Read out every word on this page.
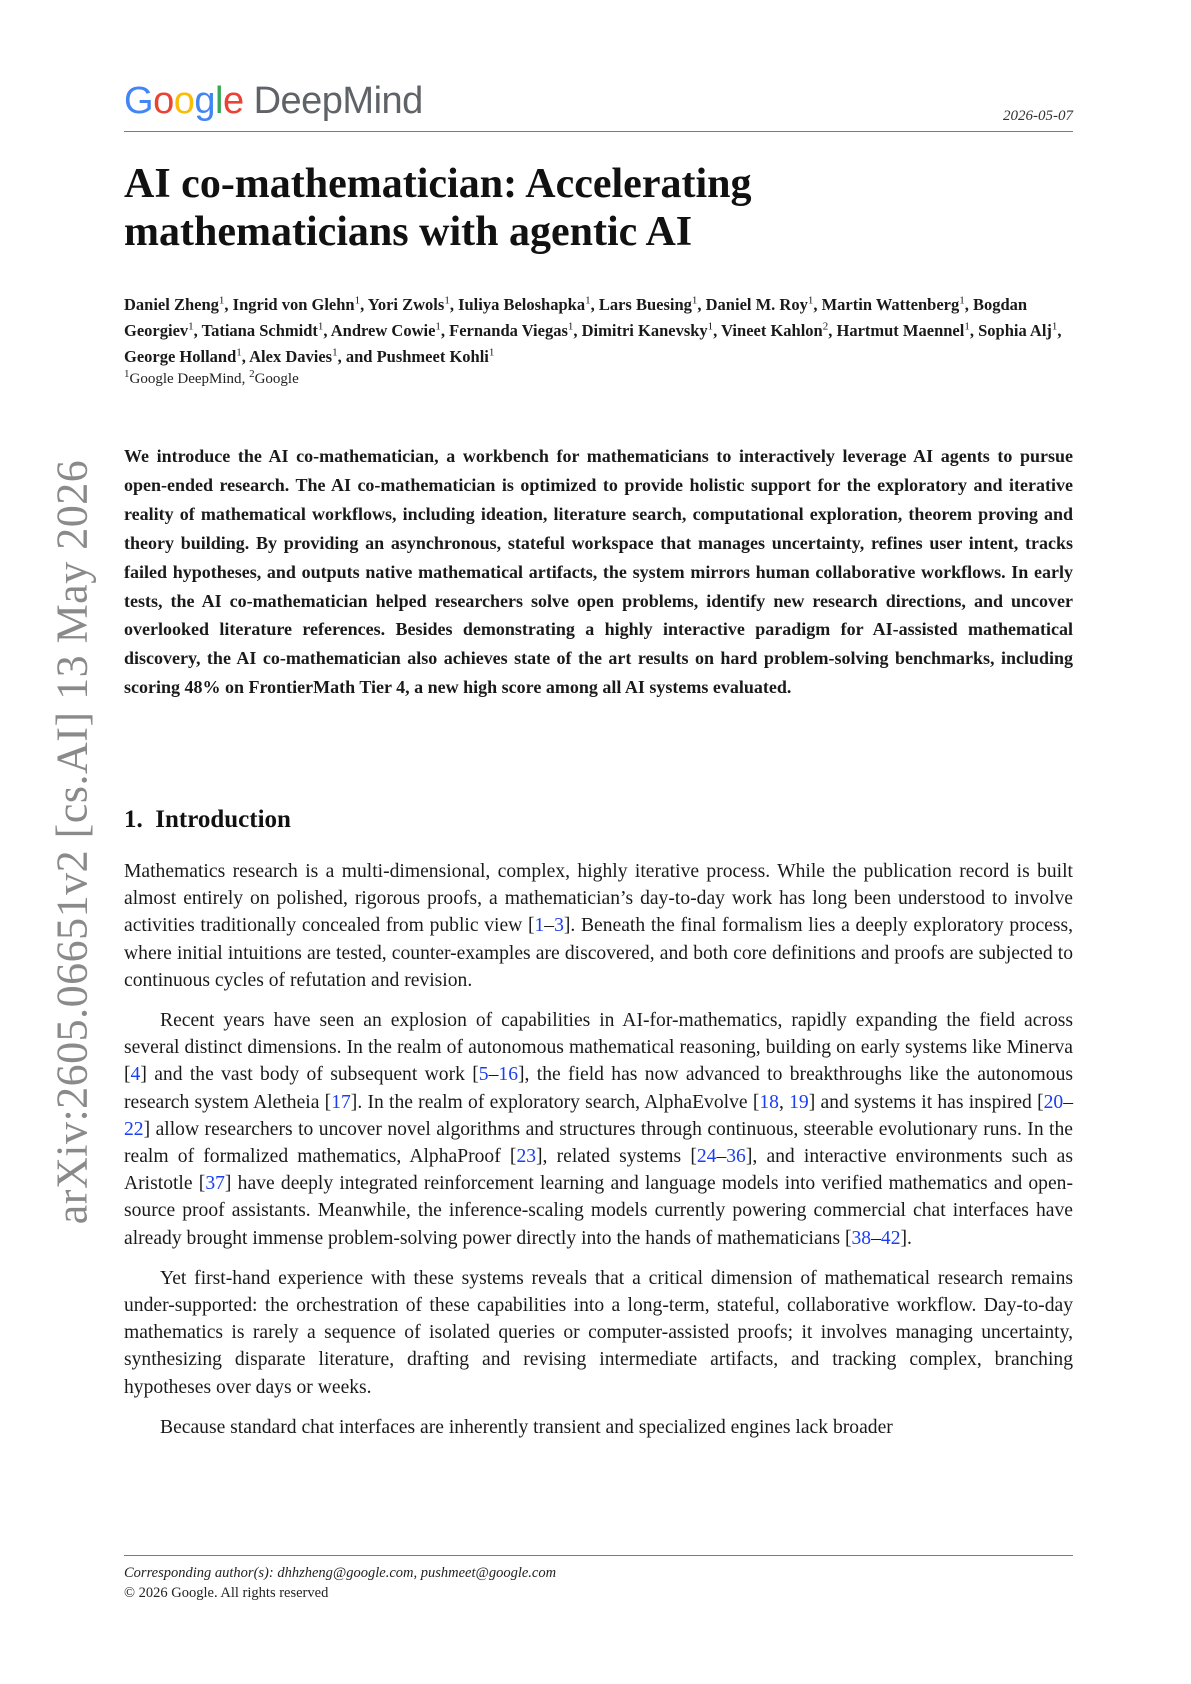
G o o g l e DeepMind	2026-05-07
AI co-mathematician: Accelerating mathematicians with agentic AI
Daniel Zheng$^1$, Ingrid von Glehn$^1$, Yori Zwols$^1$, Iuliya Beloshapka$^1$, Lars Buesing$^1$, Daniel M. Roy$^1$, Martin Wattenberg$^1$, Bogdan Georgiev$^1$, Tatiana Schmidt$^1$, Andrew Cowie$^1$, Fernanda Viegas$^1$, Dimitri Kanevsky$^1$, Vineet Kahlon$^2$, Hartmut Maennel$^1$, Sophia Alj$^1$, George Holland$^1$, Alex Davies$^1$, and Pushmeet Kohli$^1$
$^1$Google DeepMind, $^2$Google

We introduce the AI co-mathematician, a workbench for mathematicians to interactively leverage AI agents to pursue open-ended research. The AI co-mathematician is optimized to provide holistic support for the exploratory and iterative reality of mathematical workflows, including ideation, literature search, computational exploration, theorem proving and theory building. By providing an asynchronous, stateful workspace that manages uncertainty, refines user intent, tracks failed hypotheses, and outputs native mathematical artifacts, the system mirrors human collaborative workflows. In early tests, the AI co-mathematician helped researchers solve open problems, identify new research directions, and uncover overlooked literature references. Besides demonstrating a highly interactive paradigm for AI-assisted mathematical discovery, the AI co-mathematician also achieves state of the art results on hard problem-solving benchmarks, including scoring 48% on FrontierMath Tier 4, a new high score among all AI systems evaluated.

1. Introduction

Mathematics research is a multi-dimensional, complex, highly iterative process. While the publication record is built almost entirely on polished, rigorous proofs, a mathematician’s day-to-day work has long been understood to involve activities traditionally concealed from public view [1–3]. Beneath the final formalism lies a deeply exploratory process, where initial intuitions are tested, counter-examples are discovered, and both core definitions and proofs are subjected to continuous cycles of refutation and revision.

Recent years have seen an explosion of capabilities in AI-for-mathematics, rapidly expanding the field across several distinct dimensions. In the realm of autonomous mathematical reasoning, building on early systems like Minerva [4] and the vast body of subsequent work [5–16], the field has now advanced to breakthroughs like the autonomous research system Aletheia [17]. In the realm of exploratory search, AlphaEvolve [18, 19] and systems it has inspired [20–22] allow researchers to uncover novel algorithms and structures through continuous, steerable evolutionary runs. In the realm of formalized mathematics, AlphaProof [23], related systems [24–36], and interactive environments such as Aristotle [37] have deeply integrated reinforcement learning and language models into verified mathematics and open-source proof assistants. Meanwhile, the inference-scaling models currently powering commercial chat interfaces have already brought immense problem-solving power directly into the hands of mathematicians [38–42].

Yet first-hand experience with these systems reveals that a critical dimension of mathematical research remains under-supported: the orchestration of these capabilities into a long-term, stateful, collaborative workflow. Day-to-day mathematics is rarely a sequence of isolated queries or computer-assisted proofs; it involves managing uncertainty, synthesizing disparate literature, drafting and revising intermediate artifacts, and tracking complex, branching hypotheses over days or weeks.

Because standard chat interfaces are inherently transient and specialized engines lack broader

arXiv:2605.06651v2 [cs.AI] 13 May 2026
Corresponding author(s): dhhzheng@google.com, pushmeet@google.com
© 2026 Google. All rights reserved
